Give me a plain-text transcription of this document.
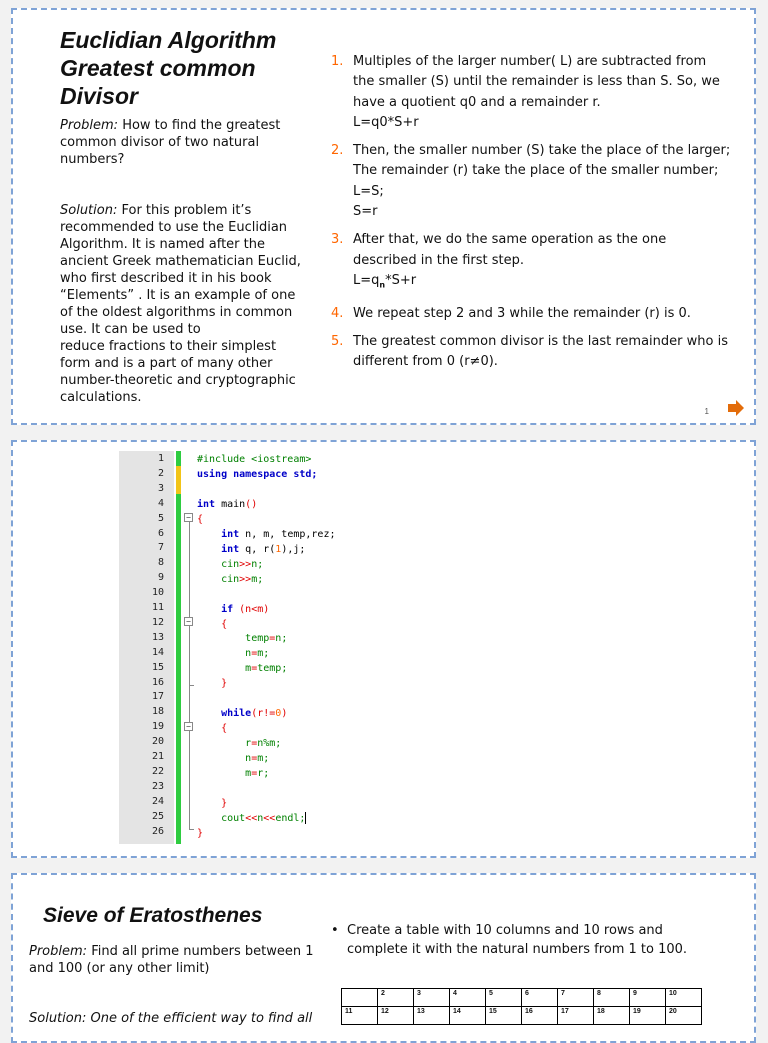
Euclidian Algorithm
Greatest common
Divisor
Problem: How to find the greatest common divisor of two natural numbers?
Solution: For this problem it’s
recommended to use the Euclidian
Algorithm. It is named after the
ancient Greek mathematician Euclid,
who first described it in his book
“Elements” . It is an example of one
of the oldest algorithms in common
use. It can be used to
reduce fractions to their simplest
form and is a part of many other
number-theoretic and cryptographic
calculations.
1. Multiples of the larger number( L) are subtracted from
the smaller (S) until the remainder is less than S. So, we
have a quotient q0 and a remainder r.
L=q0*S+r
2. Then, the smaller number (S) take the place of the larger;
The remainder (r) take the place of the smaller number;
L=S;
S=r
3. After that, we do the same operation as the one
described in the first step.
$L=q_n*S+r$
4. We repeat step 2 and 3 while the remainder (r) is 0.
5. The greatest common divisor is the last remainder who is
different from 0 (r≠0).
1
1
2
3
4
5
6
7
8
9
10
11
12
13
14
15
16
17
18
19
20
21
22
23
24
25
26
−
−
−
#include <iostream>
using namespace std;
int main()
{
int n, m, temp,rez;
int q, r(1),j;
cin>>n;
cin>>m;
if (n<m)
{
temp=n;
n=m;
m=temp;
}
while(r!=0)
{
r=n%m;
n=m;
m=r;
}
cout<<n<<endl;
}
Sieve of Eratosthenes
Problem: Find all prime numbers between 1 and 100 (or any other limit)
Solution: One of the efficient way to find all
• Create a table with 10 columns and 10 rows and
complete it with the natural numbers from 1 to 100.
	2	3	4	5	6	7	8	9	10
11	12	13	14	15	16	17	18	19	20
